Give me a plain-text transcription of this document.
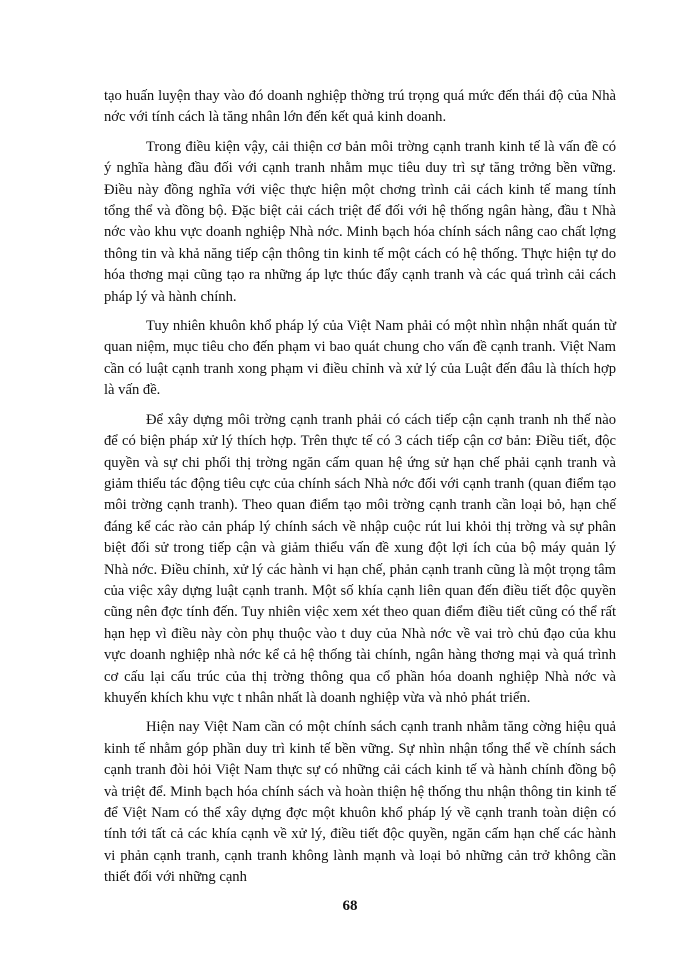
tạo huấn luyện thay vào đó doanh nghiệp thờng trú trọng quá mức đến thái độ của Nhà nớc với tính cách là tăng nhân lớn đến kết quả kinh doanh.

Trong điều kiện vậy, cải thiện cơ bản môi trờng cạnh tranh kinh tế là vấn đề có ý nghĩa hàng đầu đối với cạnh tranh nhằm mục tiêu duy trì sự tăng trởng bền vững. Điều này đồng nghĩa với việc thực hiện một chơng trình cải cách kinh tế mang tính tổng thể và đồng bộ. Đặc biệt cải cách triệt để đối với hệ thống ngân hàng, đầu t Nhà nớc vào khu vực doanh nghiệp Nhà nớc. Minh bạch hóa chính sách nâng cao chất lợng thông tin và khả năng tiếp cận thông tin kinh tế một cách có hệ thống. Thực hiện tự do hóa thơng mại cũng tạo ra những áp lực thúc đẩy cạnh tranh và các quá trình cải cách pháp lý và hành chính.

Tuy nhiên khuôn khổ pháp lý của Việt Nam phải có một nhìn nhận nhất quán từ quan niệm, mục tiêu cho đến phạm vi bao quát chung cho vấn đề cạnh tranh. Việt Nam cần có luật cạnh tranh xong phạm vi điều chỉnh và xử lý của Luật đến đâu là thích hợp là vấn đề.

Để xây dựng môi trờng cạnh tranh phải có cách tiếp cận cạnh tranh nh thế nào để có biện pháp xử lý thích hợp. Trên thực tế có 3 cách tiếp cận cơ bản: Điều tiết, độc quyền và sự chi phối thị trờng ngăn cấm quan hệ ứng sử hạn chế phải cạnh tranh và giảm thiểu tác động tiêu cực của chính sách Nhà nớc đối với cạnh tranh (quan điểm tạo môi trờng cạnh tranh). Theo quan điểm tạo môi trờng cạnh tranh cần loại bỏ, hạn chế đáng kể các rào cản pháp lý chính sách về nhập cuộc rút lui khỏi thị trờng và sự phân biệt đối sử trong tiếp cận và giảm thiểu vấn đề xung đột lợi ích của bộ máy quản lý Nhà nớc. Điều chỉnh, xử lý các hành vi hạn chế, phản cạnh tranh cũng là một trọng tâm của việc xây dựng luật cạnh tranh. Một số khía cạnh liên quan đến điều tiết độc quyền cũng nên đợc tính đến. Tuy nhiên việc xem xét theo quan điểm điều tiết cũng có thể rất hạn hẹp vì điều này còn phụ thuộc vào t duy của Nhà nớc về vai trò chủ đạo của khu vực doanh nghiệp nhà nớc kể cả hệ thống tài chính, ngân hàng thơng mại và quá trình cơ cấu lại cấu trúc của thị trờng thông qua cổ phần hóa doanh nghiệp Nhà nớc và khuyến khích khu vực t nhân nhất là doanh nghiệp vừa và nhỏ phát triển.

Hiện nay Việt Nam cần có một chính sách cạnh tranh nhằm tăng cờng hiệu quả kinh tế nhằm góp phần duy trì kinh tế bền vững. Sự nhìn nhận tổng thể về chính sách cạnh tranh đòi hỏi Việt Nam thực sự có những cải cách kinh tế và hành chính đồng bộ và triệt để. Minh bạch hóa chính sách và hoàn thiện hệ thống thu nhận thông tin kinh tế để Việt Nam có thể xây dựng đợc một khuôn khổ pháp lý về cạnh tranh toàn diện có tính tới tất cả các khía cạnh về xử lý, điều tiết độc quyền, ngăn cấm hạn chế các hành vi phản cạnh tranh, cạnh tranh không lành mạnh và loại bỏ những cản trở không cần thiết đối với những cạnh

68
